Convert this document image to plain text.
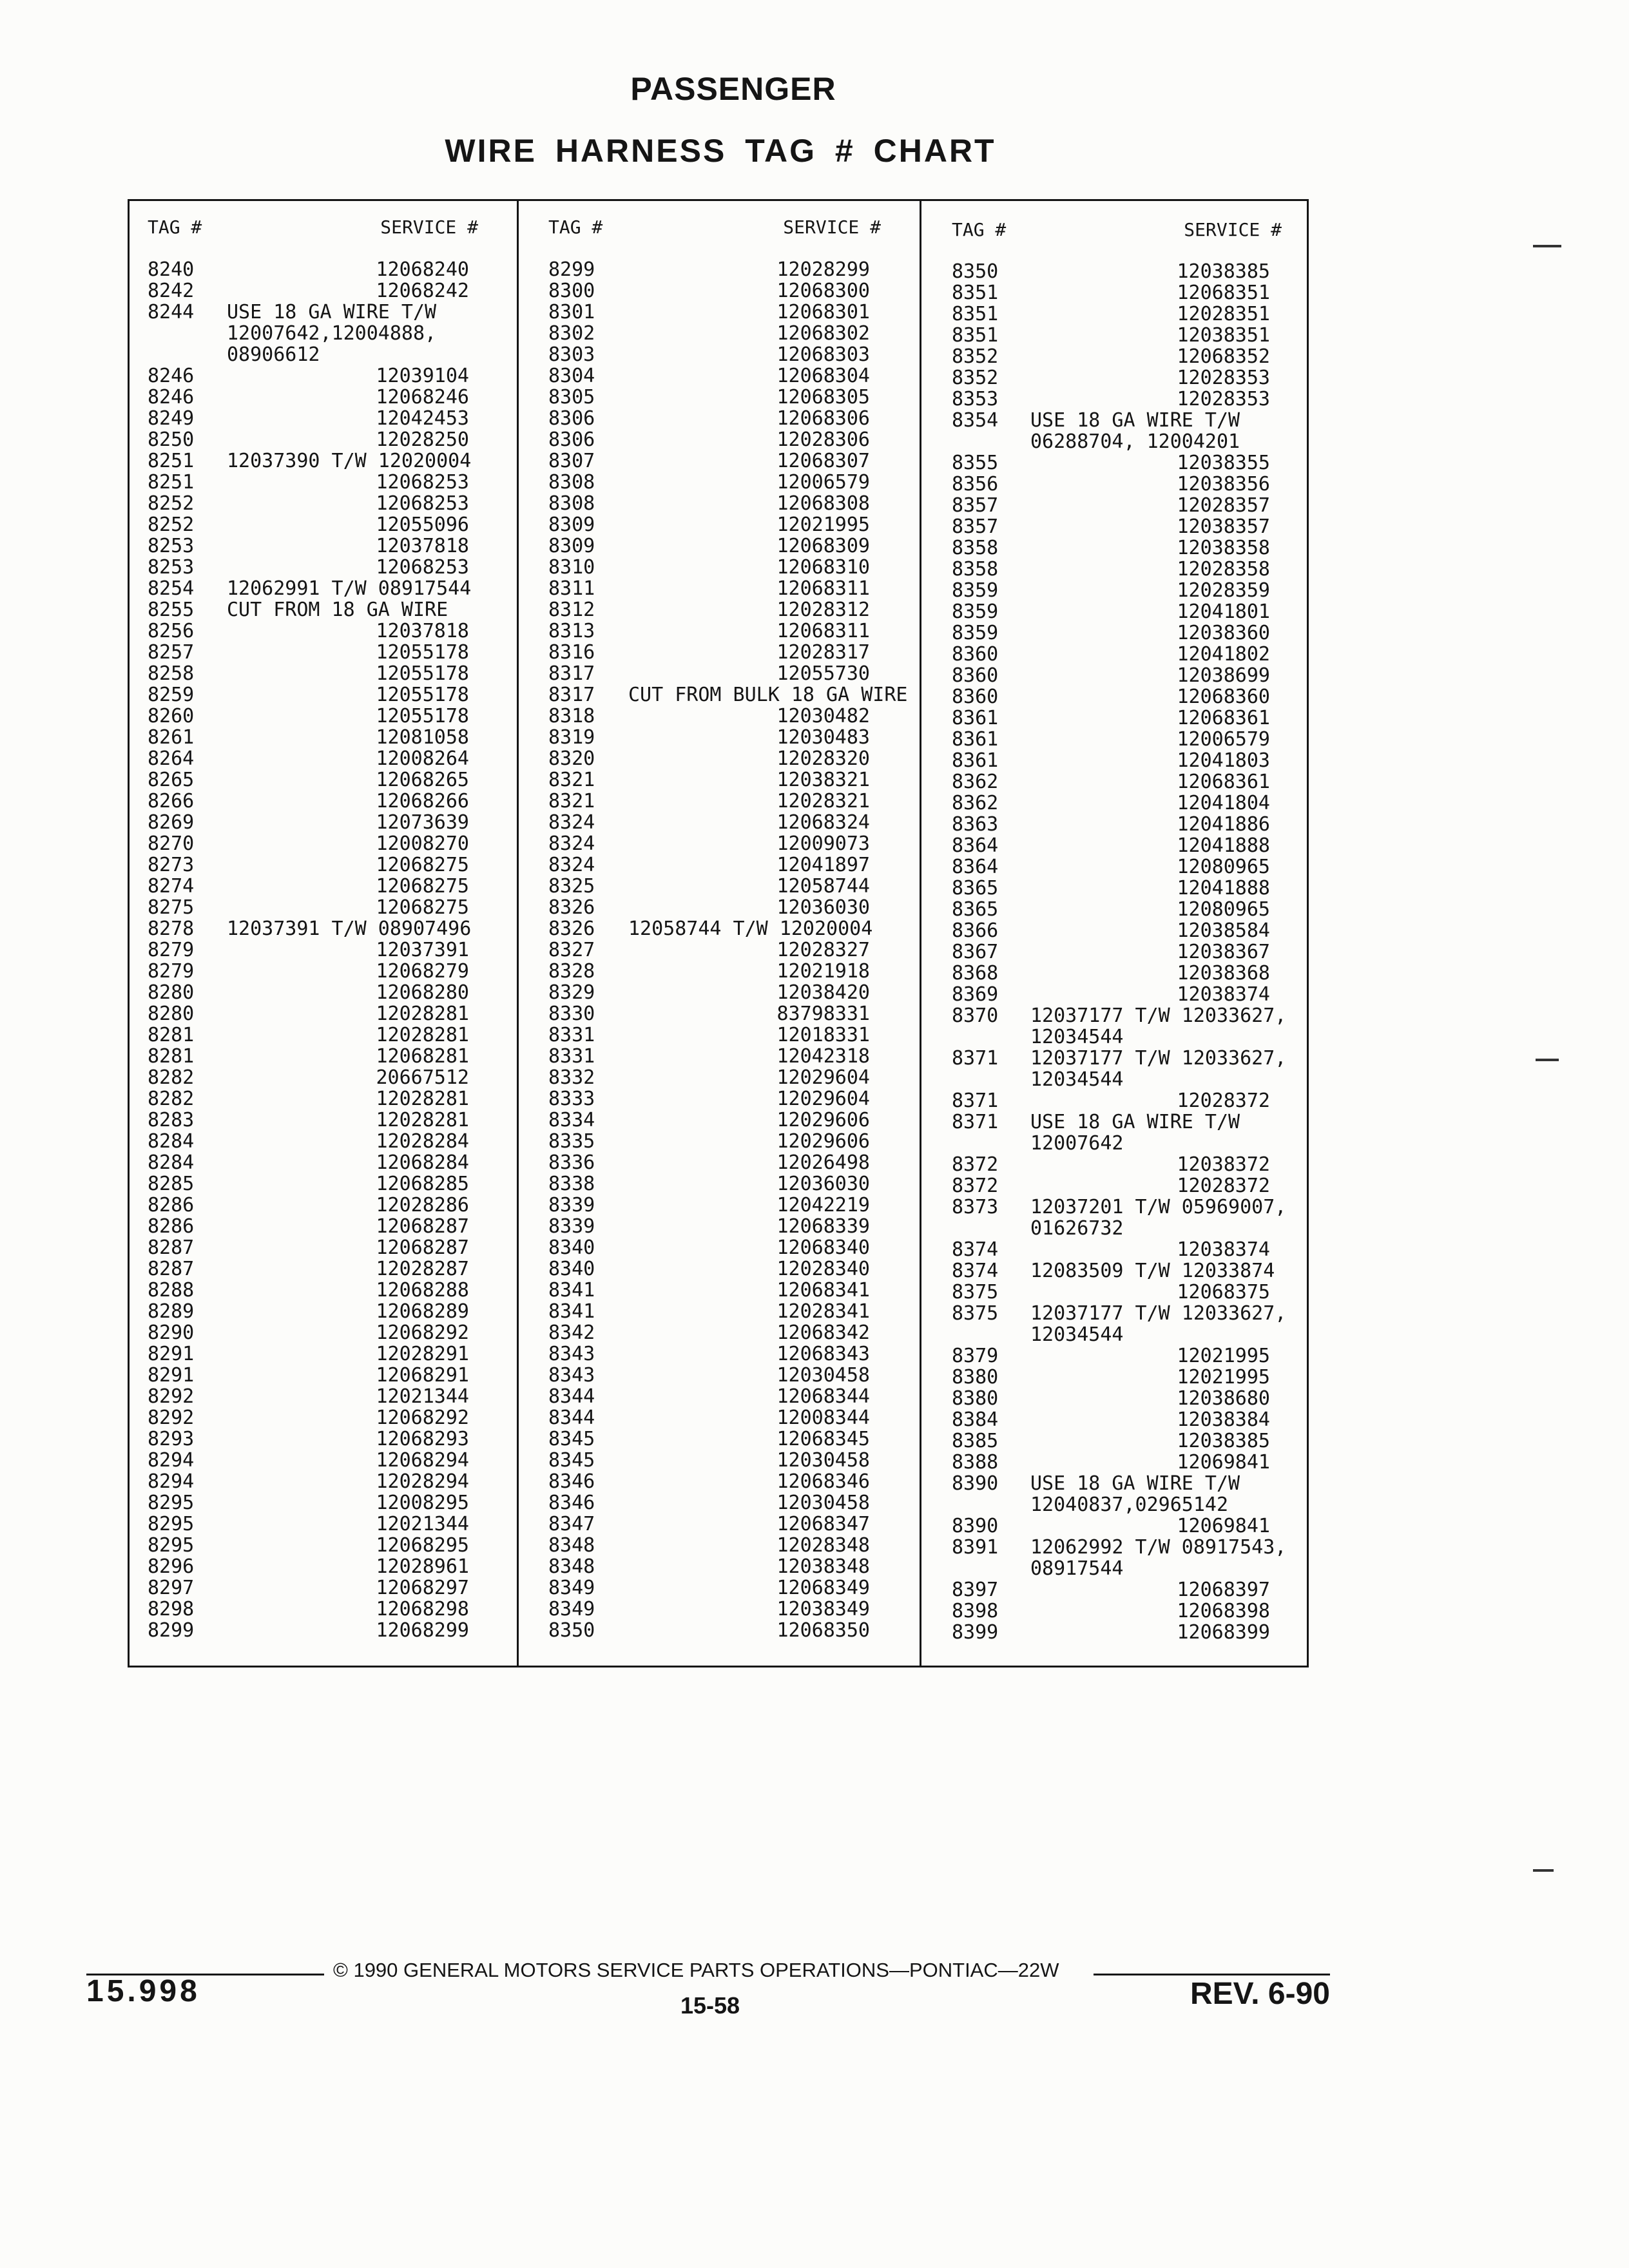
PASSENGER
WIRE HARNESS TAG # CHART
TAG #	SERVICE #
8240	12068240
8242	12068242
8244 USE 18 GA WIRE T/W
12007642,12004888,
08906612
8246	12039104
8246	12068246
8249	12042453
8250	12028250
8251 12037390 T/W 12020004
8251	12068253
8252	12068253
8252	12055096
8253	12037818
8253	12068253
8254 12062991 T/W 08917544
8255 CUT FROM 18 GA WIRE
8256	12037818
8257	12055178
8258	12055178
8259	12055178
8260	12055178
8261	12081058
8264	12008264
8265	12068265
8266	12068266
8269	12073639
8270	12008270
8273	12068275
8274	12068275
8275	12068275
8278 12037391 T/W 08907496
8279	12037391
8279	12068279
8280	12068280
8280	12028281
8281	12028281
8281	12068281
8282	20667512
8282	12028281
8283	12028281
8284	12028284
8284	12068284
8285	12068285
8286	12028286
8286	12068287
8287	12068287
8287	12028287
8288	12068288
8289	12068289
8290	12068292
8291	12028291
8291	12068291
8292	12021344
8292	12068292
8293	12068293
8294	12068294
8294	12028294
8295	12008295
8295	12021344
8295	12068295
8296	12028961
8297	12068297
8298	12068298
8299	12068299
TAG #	SERVICE #
8299	12028299
8300	12068300
8301	12068301
8302	12068302
8303	12068303
8304	12068304
8305	12068305
8306	12068306
8306	12028306
8307	12068307
8308	12006579
8308	12068308
8309	12021995
8309	12068309
8310	12068310
8311	12068311
8312	12028312
8313	12068311
8316	12028317
8317	12055730
8317 CUT FROM BULK 18 GA WIRE
8318	12030482
8319	12030483
8320	12028320
8321	12038321
8321	12028321
8324	12068324
8324	12009073
8324	12041897
8325	12058744
8326	12036030
8326 12058744 T/W 12020004
8327	12028327
8328	12021918
8329	12038420
8330	83798331
8331	12018331
8331	12042318
8332	12029604
8333	12029604
8334	12029606
8335	12029606
8336	12026498
8338	12036030
8339	12042219
8339	12068339
8340	12068340
8340	12028340
8341	12068341
8341	12028341
8342	12068342
8343	12068343
8343	12030458
8344	12068344
8344	12008344
8345	12068345
8345	12030458
8346	12068346
8346	12030458
8347	12068347
8348	12028348
8348	12038348
8349	12068349
8349	12038349
8350	12068350
TAG #	SERVICE #
8350	12038385
8351	12068351
8351	12028351
8351	12038351
8352	12068352
8352	12028353
8353	12028353
8354 USE 18 GA WIRE T/W
06288704, 12004201
8355	12038355
8356	12038356
8357	12028357
8357	12038357
8358	12038358
8358	12028358
8359	12028359
8359	12041801
8359	12038360
8360	12041802
8360	12038699
8360	12068360
8361	12068361
8361	12006579
8361	12041803
8362	12068361
8362	12041804
8363	12041886
8364	12041888
8364	12080965
8365	12041888
8365	12080965
8366	12038584
8367	12038367
8368	12038368
8369	12038374
8370 12037177 T/W 12033627,
12034544
8371 12037177 T/W 12033627,
12034544
8371	12028372
8371 USE 18 GA WIRE T/W
12007642
8372	12038372
8372	12028372
8373 12037201 T/W 05969007,
01626732
8374	12038374
8374 12083509 T/W 12033874
8375	12068375
8375 12037177 T/W 12033627,
12034544
8379	12021995
8380	12021995
8380	12038680
8384	12038384
8385	12038385
8388	12069841
8390 USE 18 GA WIRE T/W
12040837,02965142
8390	12069841
8391 12062992 T/W 08917543,
08917544
8397	12068397
8398	12068398
8399	12068399
© 1990 GENERAL MOTORS SERVICE PARTS OPERATIONS—PONTIAC—22W
15.998	15-58	REV. 6-90
